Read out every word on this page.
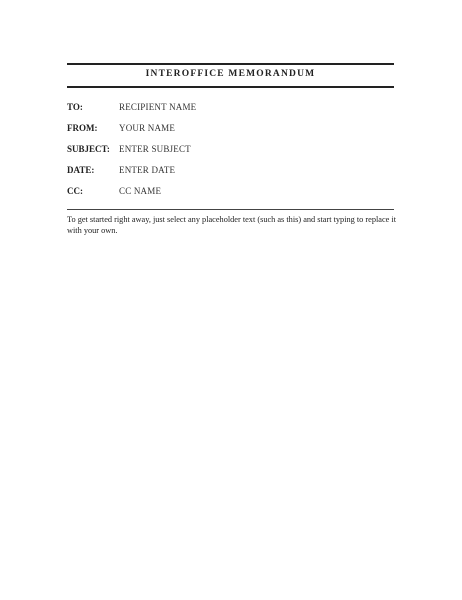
INTEROFFICE MEMORANDUM
TO:	RECIPIENT NAME
FROM: YOUR NAME
SUBJECT: ENTER SUBJECT
DATE:	ENTER DATE
CC:	CC NAME
To get started right away, just select any placeholder text (such as this) and start typing to replace it with your own.
